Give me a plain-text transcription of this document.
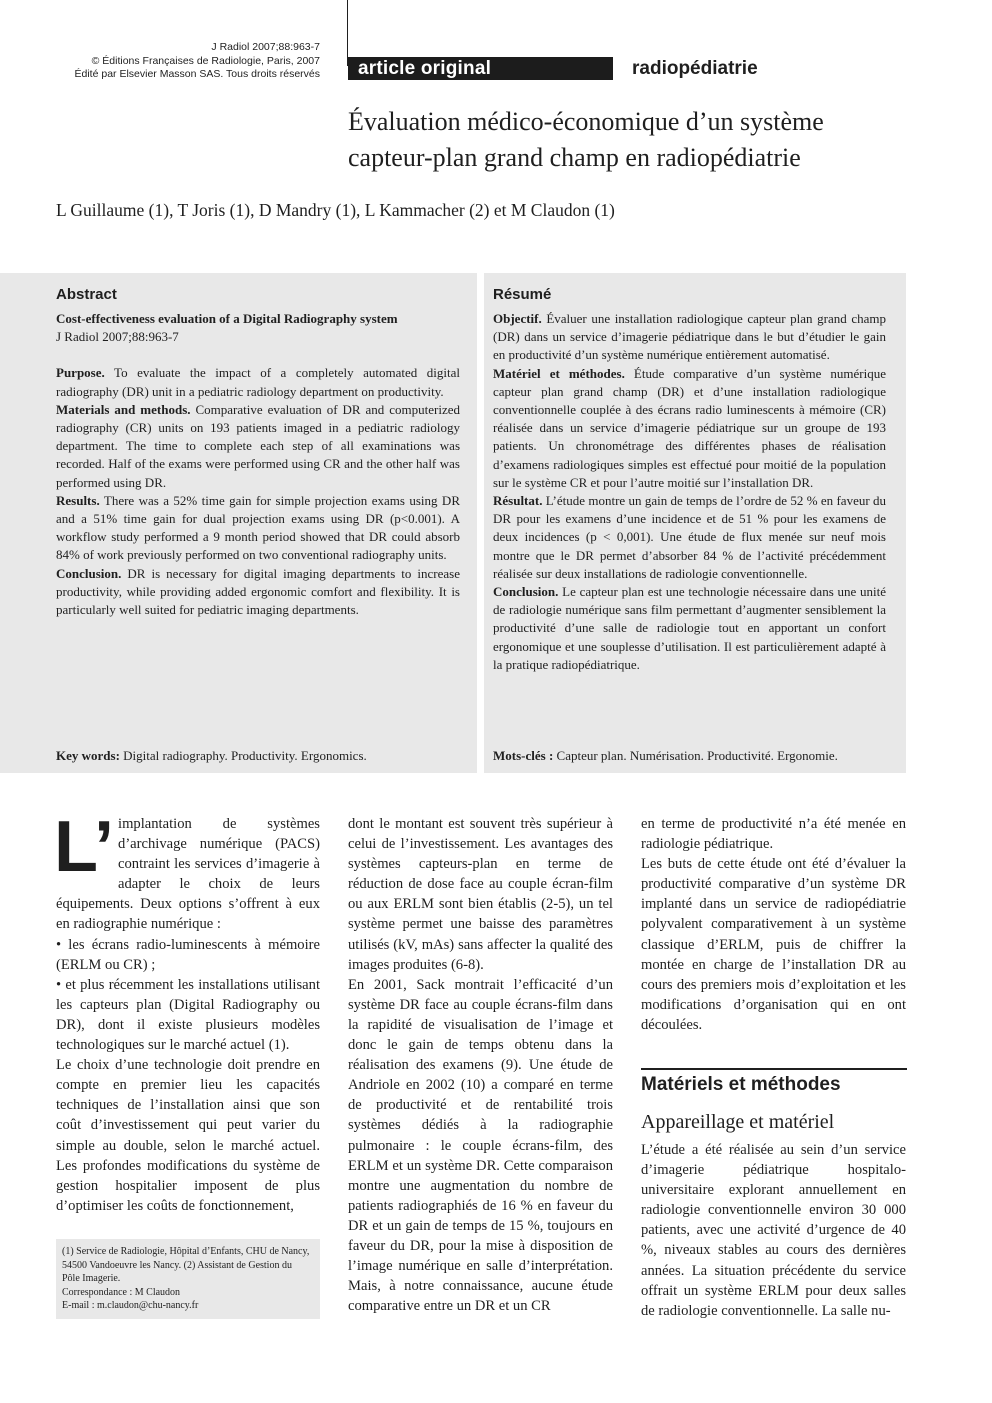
J Radiol 2007;88:963-7
© Éditions Françaises de Radiologie, Paris, 2007
Édité par Elsevier Masson SAS. Tous droits réservés	article original	radiopédiatrie
Évaluation médico-économique d’un système
capteur-plan grand champ en radiopédiatrie
L Guillaume (1), T Joris (1), D Mandry (1), L Kammacher (2) et M Claudon (1)
Abstract

Cost-effectiveness evaluation of a Digital Radiography system

J Radiol 2007;88:963-7

Purpose. To evaluate the impact of a completely automated digital radiography (DR) unit in a pediatric radiology department on productivity.

Materials and methods. Comparative evaluation of DR and computerized radiography (CR) units on 193 patients imaged in a pediatric radiology department. The time to complete each step of all examinations was recorded. Half of the exams were performed using CR and the other half was performed using DR.

Results. There was a 52% time gain for simple projection exams using DR and a 51% time gain for dual projection exams using DR (p<0.001). A workflow study performed a 9 month period showed that DR could absorb 84% of work previously performed on two conventional radiography units.

Conclusion. DR is necessary for digital imaging departments to increase productivity, while providing added ergonomic comfort and flexibility. It is particularly well suited for pediatric imaging departments.

Key words: Digital radiography. Productivity. Ergonomics.
Résumé

Objectif. Évaluer une installation radiologique capteur plan grand champ (DR) dans un service d’imagerie pédiatrique dans le but d’étudier le gain en productivité d’un système numérique entièrement automatisé.

Matériel et méthodes. Étude comparative d’un système numérique capteur plan grand champ (DR) et d’une installation radiologique conventionnelle couplée à des écrans radio luminescents à mémoire (CR) réalisée dans un service d’imagerie pédiatrique sur un groupe de 193 patients. Un chronométrage des différentes phases de réalisation d’examens radiologiques simples est effectué pour moitié de la population sur le système CR et pour l’autre moitié sur l’installation DR.

Résultat. L’étude montre un gain de temps de l’ordre de 52 % en faveur du DR pour les examens d’une incidence et de 51 % pour les examens de deux incidences (p < 0,001). Une étude de flux menée sur neuf mois montre que le DR permet d’absorber 84 % de l’activité précédemment réalisée sur deux installations de radiologie conventionnelle.

Conclusion. Le capteur plan est une technologie nécessaire dans une unité de radiologie numérique sans film permettant d’augmenter sensiblement la productivité d’une salle de radiologie tout en apportant un confort ergonomique et une souplesse d’utilisation. Il est particulièrement adapté à la pratique radiopédiatrique.

Mots-clés : Capteur plan. Numérisation. Productivité. Ergonomie.

L’ implantation de systèmes d’archivage numérique (PACS) contraint les services d’imagerie à adapter le choix de leurs équipements. Deux options s’offrent à eux en radiographie numérique :

• les écrans radio-luminescents à mémoire (ERLM ou CR) ;

• et plus récemment les installations utilisant les capteurs plan (Digital Radiography ou DR), dont il existe plusieurs modèles technologiques sur le marché actuel (1).

Le choix d’une technologie doit prendre en compte en premier lieu les capacités techniques de l’installation ainsi que son coût d’investissement qui peut varier du simple au double, selon le marché actuel. Les profondes modifications du système de gestion hospitalier imposent de plus d’optimiser les coûts de fonctionnement,

dont le montant est souvent très supérieur à celui de l’investissement. Les avantages des systèmes capteurs-plan en terme de réduction de dose face au couple écran-film ou aux ERLM sont bien établis (2-5), un tel système permet une baisse des paramètres utilisés (kV, mAs) sans affecter la qualité des images produites (6-8).

En 2001, Sack montrait l’efficacité d’un système DR face au couple écrans-film dans la rapidité de visualisation de l’image et donc le gain de temps obtenu dans la réalisation des examens (9). Une étude de Andriole en 2002 (10) a comparé en terme de productivité et de rentabilité trois systèmes dédiés à la radiographie pulmonaire : le couple écrans-film, des ERLM et un système DR. Cette comparaison montre une augmentation du nombre de patients radiographiés de 16 % en faveur du DR et un gain de temps de 15 %, toujours en faveur du DR, pour la mise à disposition de l’image numérique en salle d’interprétation. Mais, à notre connaissance, aucune étude comparative entre un DR et un CR

en terme de productivité n’a été menée en radiologie pédiatrique.

Les buts de cette étude ont été d’évaluer la productivité comparative d’un système DR implanté dans un service de radiopédiatrie polyvalent comparativement à un système classique d’ERLM, puis de chiffrer la montée en charge de l’installation DR au cours des premiers mois d’exploitation et les modifications d’organisation qui en ont découlées.

Matériels et méthodes
Appareillage et matériel

L’étude a été réalisée au sein d’un service d’imagerie pédiatrique hospitalo-universitaire explorant annuellement en radiologie conventionnelle environ 30 000 patients, avec une activité d’urgence de 40 %, niveaux stables au cours des dernières années. La situation précédente du service offrait un système ERLM pour deux salles de radiologie conventionnelle. La salle nu-

(1) Service de Radiologie, Hôpital d’Enfants, CHU de Nancy, 54500 Vandoeuvre les Nancy. (2) Assistant de Gestion du Pôle Imagerie.
Correspondance : M Claudon
E-mail : m.claudon@chu-nancy.fr
